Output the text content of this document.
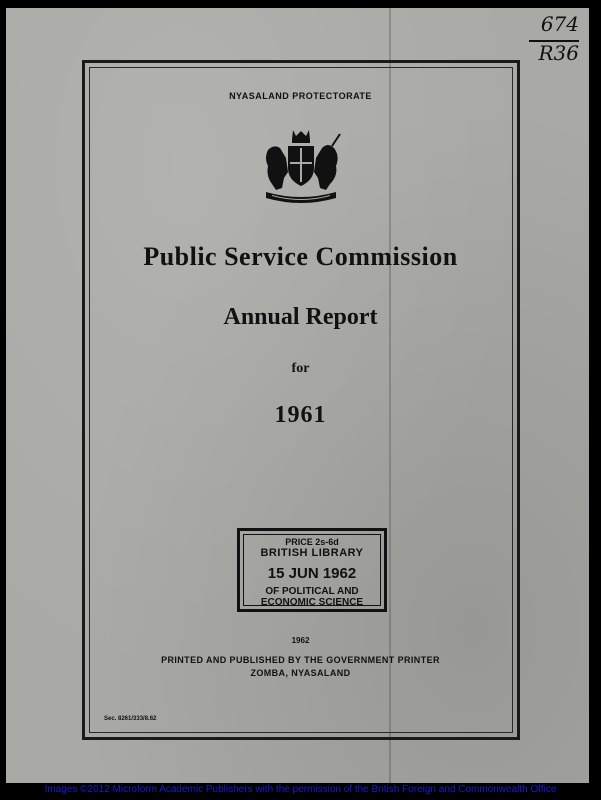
674
R36
NYASALAND PROTECTORATE
Public Service Commission
Annual Report
for
1961
PRICE 2s-6d
BRITISH LIBRARY
15 JUN 1962
OF POLITICAL AND
ECONOMIC SCIENCE
1962
PRINTED AND PUBLISHED BY THE GOVERNMENT PRINTER
ZOMBA, NYASALAND
Sec. 8261/333/8.62
Images ©2012 Microform Academic Publishers with the permission of the British Foreign and Commonwealth Office
